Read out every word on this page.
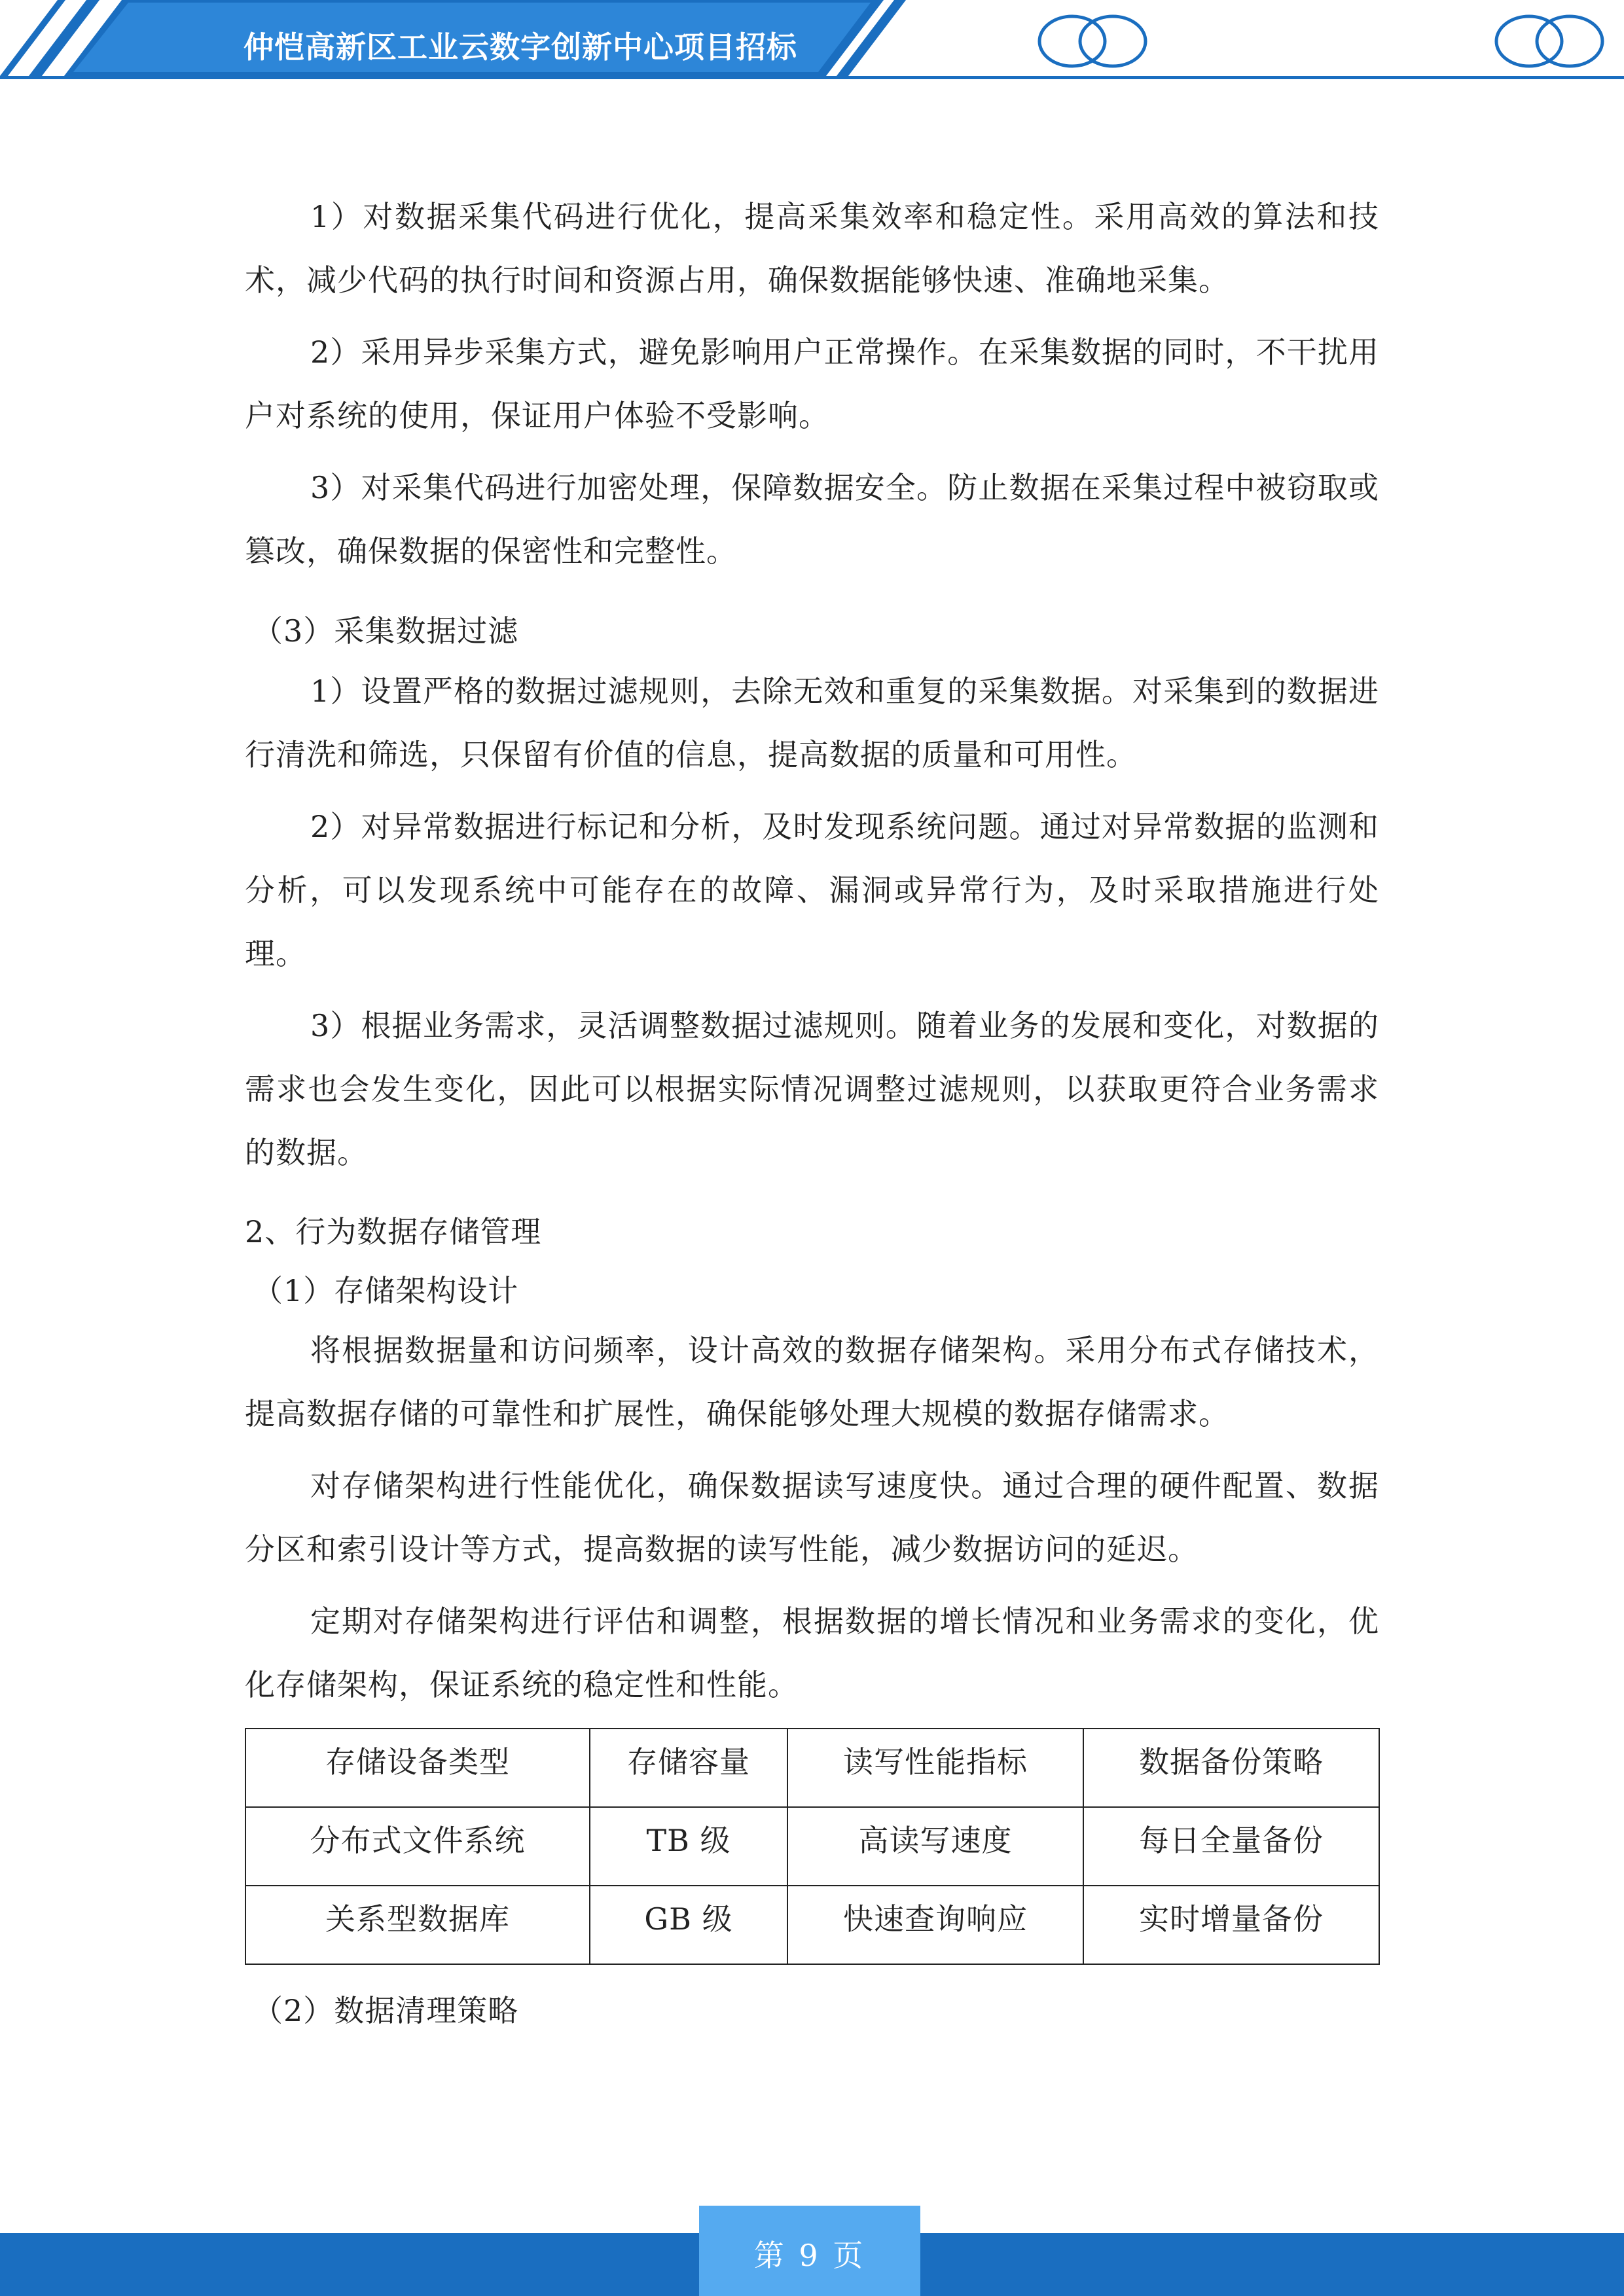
仲恺高新区工业云数字创新中心项目招标

1）对数据采集代码进行优化，提高采集效率和稳定性。采用高效的算法和技术，减少代码的执行时间和资源占用，确保数据能够快速、准确地采集。

2）采用异步采集方式，避免影响用户正常操作。在采集数据的同时，不干扰用户对系统的使用，保证用户体验不受影响。

3）对采集代码进行加密处理，保障数据安全。防止数据在采集过程中被窃取或篡改，确保数据的保密性和完整性。

（3）采集数据过滤

1）设置严格的数据过滤规则，去除无效和重复的采集数据。对采集到的数据进行清洗和筛选，只保留有价值的信息，提高数据的质量和可用性。

2）对异常数据进行标记和分析，及时发现系统问题。通过对异常数据的监测和分析，可以发现系统中可能存在的故障、漏洞或异常行为，及时采取措施进行处理。

3）根据业务需求，灵活调整数据过滤规则。随着业务的发展和变化，对数据的需求也会发生变化，因此可以根据实际情况调整过滤规则，以获取更符合业务需求的数据。

2、行为数据存储管理

（1）存储架构设计

将根据数据量和访问频率，设计高效的数据存储架构。采用分布式存储技术，提高数据存储的可靠性和扩展性，确保能够处理大规模的数据存储需求。

对存储架构进行性能优化，确保数据读写速度快。通过合理的硬件配置、数据分区和索引设计等方式，提高数据的读写性能，减少数据访问的延迟。

定期对存储架构进行评估和调整，根据数据的增长情况和业务需求的变化，优化存储架构，保证系统的稳定性和性能。

存储设备类型	存储容量	读写性能指标	数据备份策略
分布式文件系统	TB 级	高读写速度	每日全量备份
关系型数据库	GB 级	快速查询响应	实时增量备份

（2）数据清理策略

第 9 页
